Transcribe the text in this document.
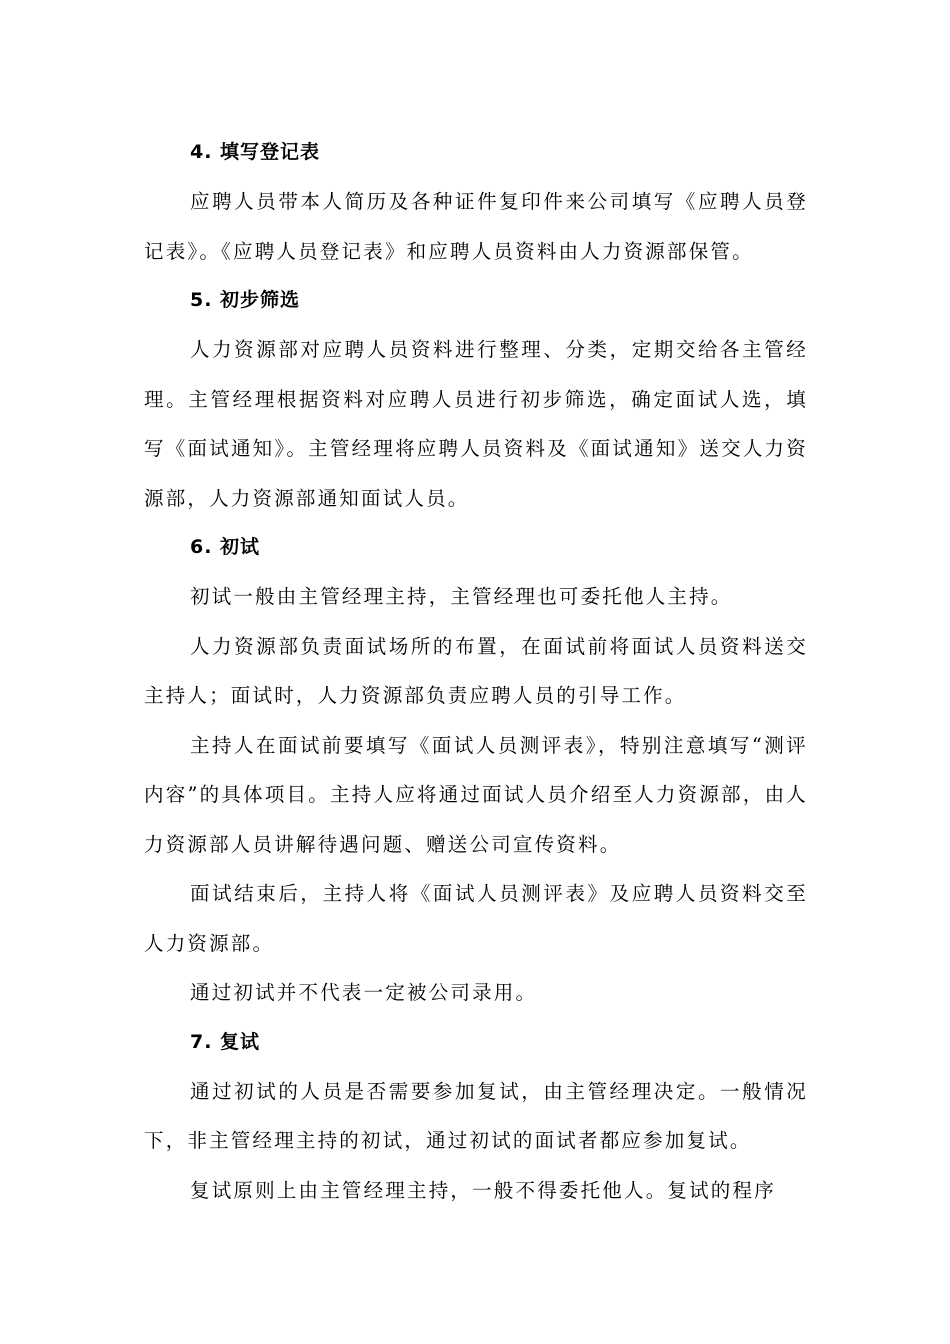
4. 填写登记表

应聘人员带本人简历及各种证件复印件来公司填写《应聘人员登记表》。《应聘人员登记表》和应聘人员资料由人力资源部保管。

5. 初步筛选

人力资源部对应聘人员资料进行整理、分类，定期交给各主管经理。主管经理根据资料对应聘人员进行初步筛选，确定面试人选，填写《面试通知》。主管经理将应聘人员资料及《面试通知》送交人力资源部，人力资源部通知面试人员。

6. 初试

初试一般由主管经理主持，主管经理也可委托他人主持。

人力资源部负责面试场所的布置，在面试前将面试人员资料送交主持人；面试时，人力资源部负责应聘人员的引导工作。

主持人在面试前要填写《面试人员测评表》，特别注意填写“测评内容”的具体项目。主持人应将通过面试人员介绍至人力资源部，由人力资源部人员讲解待遇问题、赠送公司宣传资料。

面试结束后，主持人将《面试人员测评表》及应聘人员资料交至人力资源部。

通过初试并不代表一定被公司录用。

7. 复试

通过初试的人员是否需要参加复试，由主管经理决定。一般情况下，非主管经理主持的初试，通过初试的面试者都应参加复试。

复试原则上由主管经理主持，一般不得委托他人。复试的程序
